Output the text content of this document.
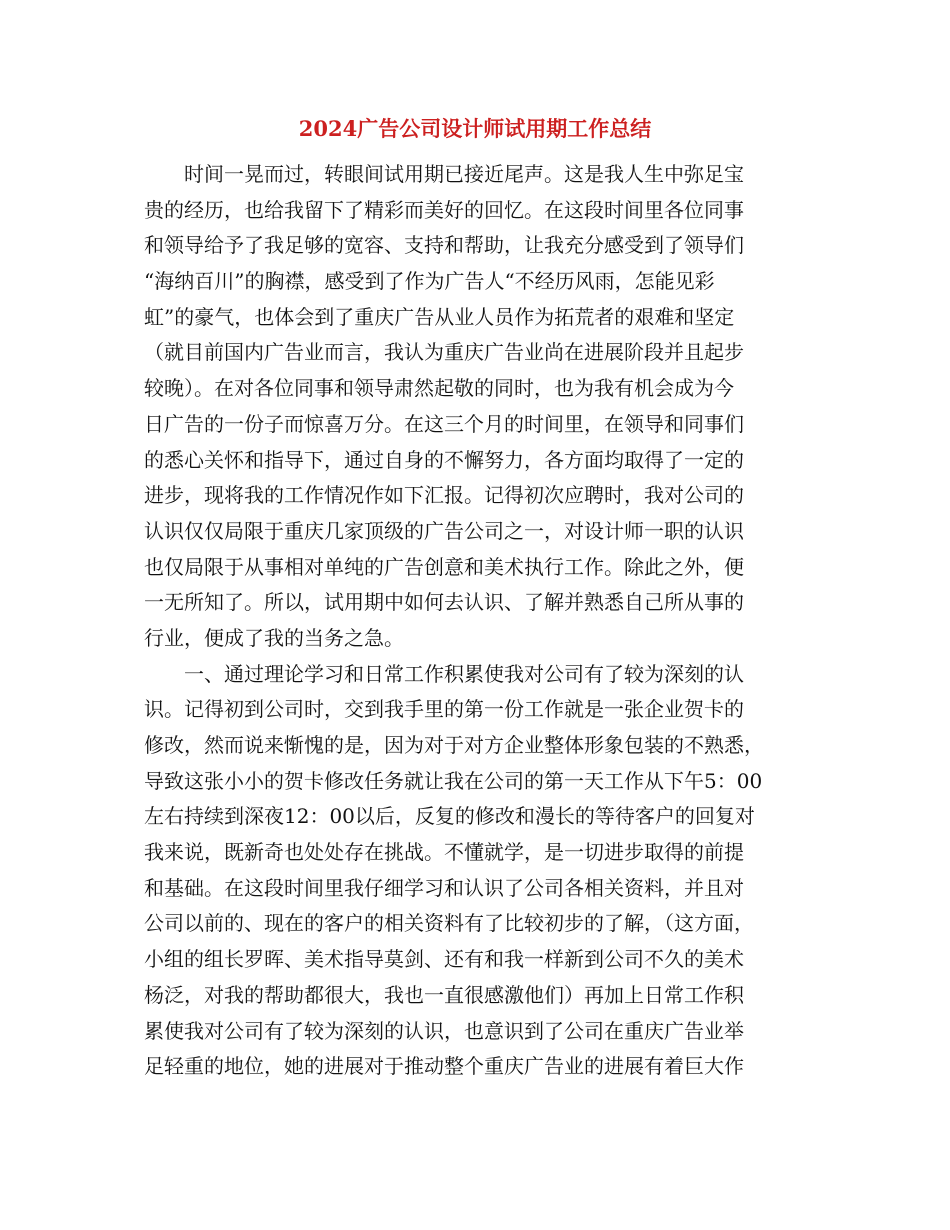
2024广告公司设计师试用期工作总结
　　时间一晃而过，转眼间试用期已接近尾声。这是我人生中弥足宝
贵的经历，也给我留下了精彩而美好的回忆。在这段时间里各位同事
和领导给予了我足够的宽容、支持和帮助，让我充分感受到了领导们
“海纳百川”的胸襟，感受到了作为广告人“不经历风雨，怎能见彩
虹”的豪气，也体会到了重庆广告从业人员作为拓荒者的艰难和坚定
（就目前国内广告业而言，我认为重庆广告业尚在进展阶段并且起步
较晚）。在对各位同事和领导肃然起敬的同时，也为我有机会成为今
日广告的一份子而惊喜万分。在这三个月的时间里，在领导和同事们
的悉心关怀和指导下，通过自身的不懈努力，各方面均取得了一定的
进步，现将我的工作情况作如下汇报。记得初次应聘时，我对公司的
认识仅仅局限于重庆几家顶级的广告公司之一，对设计师一职的认识
也仅局限于从事相对单纯的广告创意和美术执行工作。除此之外，便
一无所知了。所以，试用期中如何去认识、了解并熟悉自己所从事的
行业，便成了我的当务之急。
　　一、通过理论学习和日常工作积累使我对公司有了较为深刻的认
识。记得初到公司时，交到我手里的第一份工作就是一张企业贺卡的
修改，然而说来惭愧的是，因为对于对方企业整体形象包装的不熟悉，
导致这张小小的贺卡修改任务就让我在公司的第一天工作从下午5：00
左右持续到深夜12：00以后，反复的修改和漫长的等待客户的回复对
我来说，既新奇也处处存在挑战。不懂就学，是一切进步取得的前提
和基础。在这段时间里我仔细学习和认识了公司各相关资料，并且对
公司以前的、现在的客户的相关资料有了比较初步的了解，（这方面，
小组的组长罗晖、美术指导莫剑、还有和我一样新到公司不久的美术
杨泛，对我的帮助都很大，我也一直很感激他们）再加上日常工作积
累使我对公司有了较为深刻的认识，也意识到了公司在重庆广告业举
足轻重的地位，她的进展对于推动整个重庆广告业的进展有着巨大作
